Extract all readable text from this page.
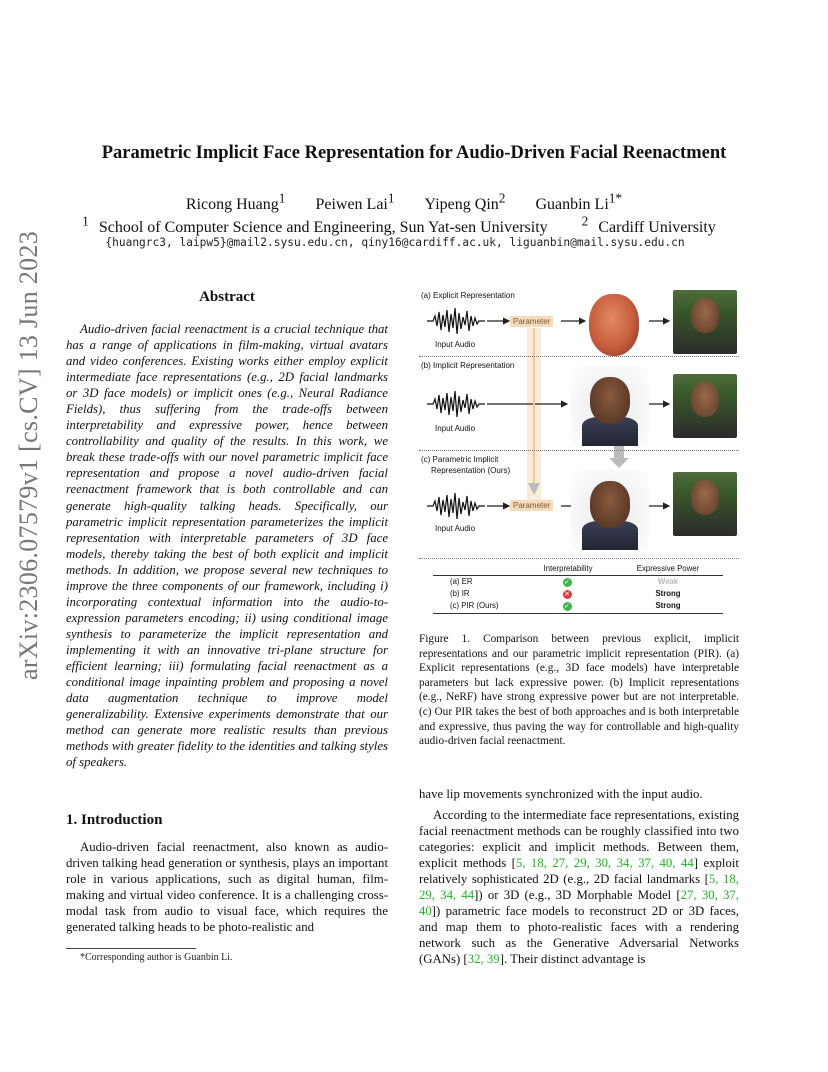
arXiv:2306.07579v1 [cs.CV] 13 Jun 2023
Parametric Implicit Face Representation for Audio-Driven Facial Reenactment
Ricong Huang$^1$ Peiwen Lai$^1$ Yipeng Qin$^2$ Guanbin $Li^{1*}$
$^1$ School of Computer Science and Engineering, Sun Yat-sen University	$^2$ Cardiff University
{huangrc3, laipw5}@mail2.sysu.edu.cn, qiny16@cardiff.ac.uk, liguanbin@mail.sysu.edu.cn
Abstract

Audio-driven facial reenactment is a crucial technique that has a range of applications in film-making, virtual avatars and video conferences. Existing works either employ explicit intermediate face representations (e.g., 2D facial landmarks or 3D face models) or implicit ones (e.g., Neural Radiance Fields), thus suffering from the trade-offs between interpretability and expressive power, hence between controllability and quality of the results. In this work, we break these trade-offs with our novel parametric implicit face representation and propose a novel audio-driven facial reenactment framework that is both controllable and can generate high-quality talking heads. Specifically, our parametric implicit representation parameterizes the implicit representation with interpretable parameters of 3D face models, thereby taking the best of both explicit and implicit methods. In addition, we propose several new techniques to improve the three components of our framework, including i) incorporating contextual information into the audio-to-expression parameters encoding; ii) using conditional image synthesis to parameterize the implicit representation and implementing it with an innovative tri-plane structure for efficient learning; iii) formulating facial reenactment as a conditional image inpainting problem and proposing a novel data augmentation technique to improve model generalizability. Extensive experiments demonstrate that our method can generate more realistic results than previous methods with greater fidelity to the identities and talking styles of speakers.

1. Introduction

Audio-driven facial reenactment, also known as audio-driven talking head generation or synthesis, plays an important role in various applications, such as digital human, film-making and virtual video conference. It is a challenging cross-modal task from audio to visual face, which requires the generated talking heads to be photo-realistic and

*Corresponding author is Guanbin Li.
(a) Explicit Representation
(b) Implicit Representation
(c) Parametric Implicit
Representation (Ours)
Input Audio
Input Audio
Input Audio
Parameter
Parameter
Interpretability	Expressive Power
(a) ER	✓	Weak
(b) IR	✕	Strong
(c) PIR (Ours)	✓	Strong
Figure 1. Comparison between previous explicit, implicit representations and our parametric implicit representation (PIR). (a) Explicit representations (e.g., 3D face models) have interpretable parameters but lack expressive power. (b) Implicit representations (e.g., NeRF) have strong expressive power but are not interpretable. (c) Our PIR takes the best of both approaches and is both interpretable and expressive, thus paving the way for controllable and high-quality audio-driven facial reenactment.

have lip movements synchronized with the input audio.

According to the intermediate face representations, existing facial reenactment methods can be roughly classified into two categories: explicit and implicit methods. Between them, explicit methods [5, 18, 27, 29, 30, 34, 37, 40, 44] exploit relatively sophisticated 2D (e.g., 2D facial landmarks [5, 18, 29, 34, 44]) or 3D (e.g., 3D Morphable Model [27, 30, 37, 40]) parametric face models to reconstruct 2D or 3D faces, and map them to photo-realistic faces with a rendering network such as the Generative Adversarial Networks (GANs) [32, 39]. Their distinct advantage is
